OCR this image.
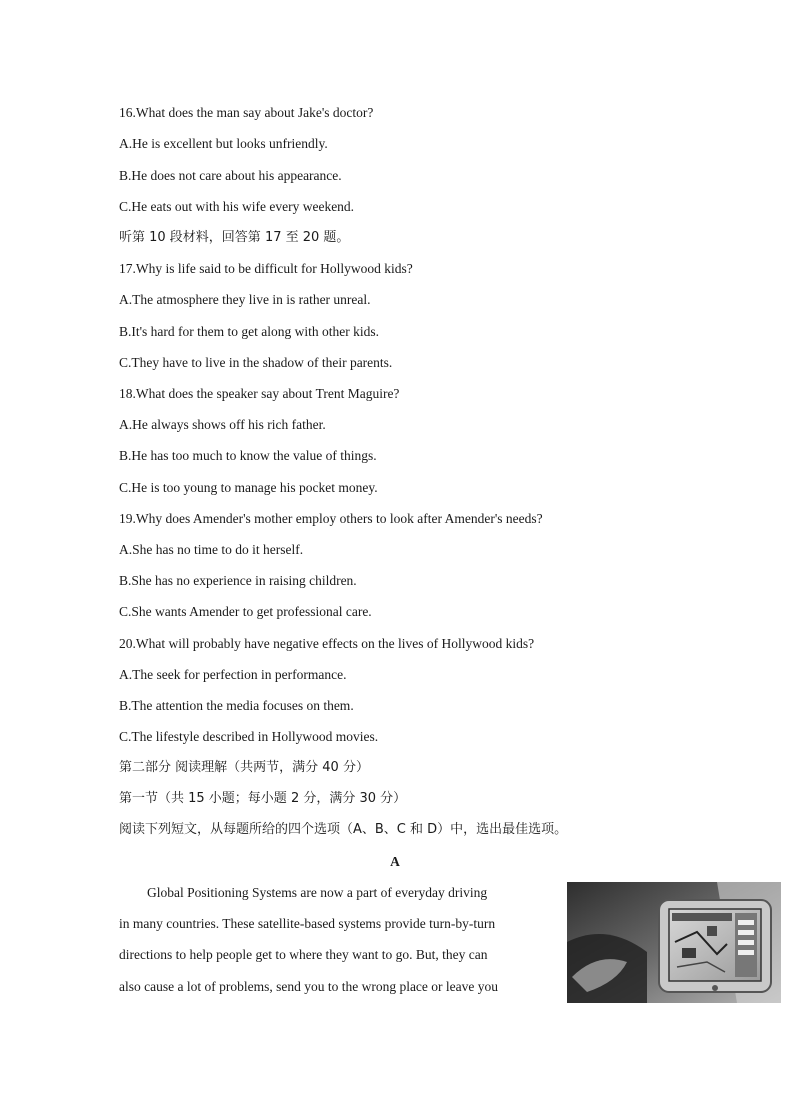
16.What does the man say about Jake's doctor?
A.He is excellent but looks unfriendly.
B.He does not care about his appearance.
C.He eats out with his wife every weekend.
听第 10 段材料，回答第 17 至 20 题。
17.Why is life said to be difficult for Hollywood kids?
A.The atmosphere they live in is rather unreal.
B.It's hard for them to get along with other kids.
C.They have to live in the shadow of their parents.
18.What does the speaker say about Trent Maguire?
A.He always shows off his rich father.
B.He has too much to know the value of things.
C.He is too young to manage his pocket money.
19.Why does Amender's mother employ others to look after Amender's needs?
A.She has no time to do it herself.
B.She has no experience in raising children.
C.She wants Amender to get professional care.
20.What will probably have negative effects on the lives of Hollywood kids?
A.The seek for perfection in performance.
B.The attention the media focuses on them.
C.The lifestyle described in Hollywood movies.
第二部分 阅读理解（共两节，满分 40 分）
第一节（共 15 小题；每小题 2 分，满分 30 分）
阅读下列短文，从每题所给的四个选项（A、B、C 和 D）中，选出最佳选项。
A
Global Positioning Systems are now a part of everyday driving
in many countries. These satellite-based systems provide turn-by-turn
directions to help people get to where they want to go. But, they can
also cause a lot of problems, send you to the wrong place or leave you
